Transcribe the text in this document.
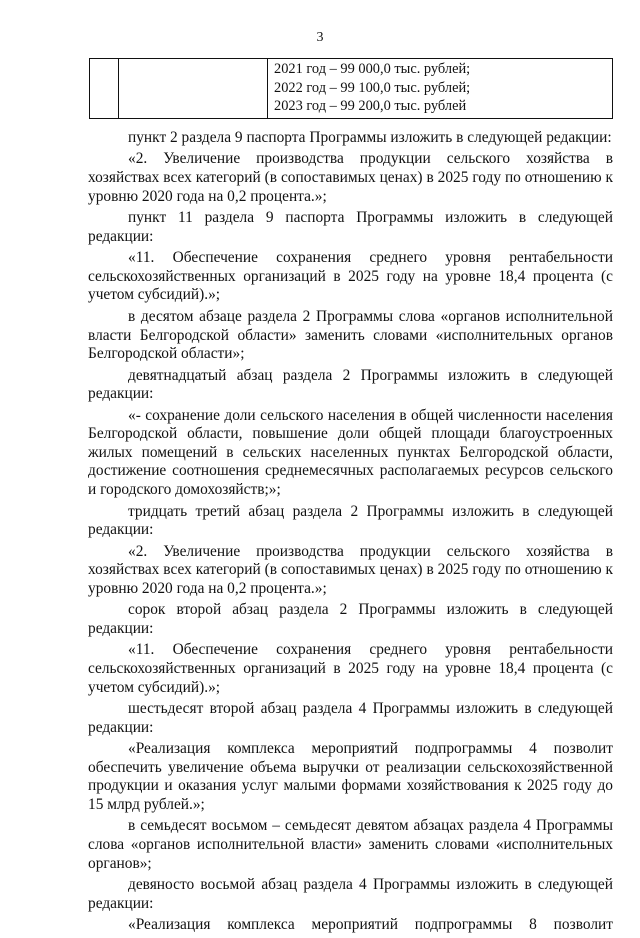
3

2021 год – 99 000,0 тыс. рублей;
2022 год – 99 100,0 тыс. рублей;
2023 год – 99 200,0 тыс. рублей

пункт 2 раздела 9 паспорта Программы изложить в следующей редакции:

«2. Увеличение производства продукции сельского хозяйства в хозяйствах всех категорий (в сопоставимых ценах) в 2025 году по отношению к уровню 2020 года на 0,2 процента.»;

пункт 11 раздела 9 паспорта Программы изложить в следующей редакции:

«11. Обеспечение сохранения среднего уровня рентабельности сельскохозяйственных организаций в 2025 году на уровне 18,4 процента (с учетом субсидий).»;

в десятом абзаце раздела 2 Программы слова «органов исполнительной власти Белгородской области» заменить словами «исполнительных органов Белгородской области»;

девятнадцатый абзац раздела 2 Программы изложить в следующей редакции:

«- сохранение доли сельского населения в общей численности населения Белгородской области, повышение доли общей площади благоустроенных жилых помещений в сельских населенных пунктах Белгородской области, достижение соотношения среднемесячных располагаемых ресурсов сельского и городского домохозяйств;»;

тридцать третий абзац раздела 2 Программы изложить в следующей редакции:

«2. Увеличение производства продукции сельского хозяйства в хозяйствах всех категорий (в сопоставимых ценах) в 2025 году по отношению к уровню 2020 года на 0,2 процента.»;

сорок второй абзац раздела 2 Программы изложить в следующей редакции:

«11. Обеспечение сохранения среднего уровня рентабельности сельскохозяйственных организаций в 2025 году на уровне 18,4 процента (с учетом субсидий).»;

шестьдесят второй абзац раздела 4 Программы изложить в следующей редакции:

«Реализация комплекса мероприятий подпрограммы 4 позволит обеспечить увеличение объема выручки от реализации сельскохозяйственной продукции и оказания услуг малыми формами хозяйствования к 2025 году до 15 млрд рублей.»;

в семьдесят восьмом – семьдесят девятом абзацах раздела 4 Программы слова «органов исполнительной власти» заменить словами «исполнительных органов»;

девяносто восьмой абзац раздела 4 Программы изложить в следующей редакции:

«Реализация комплекса мероприятий подпрограммы 8 позволит
